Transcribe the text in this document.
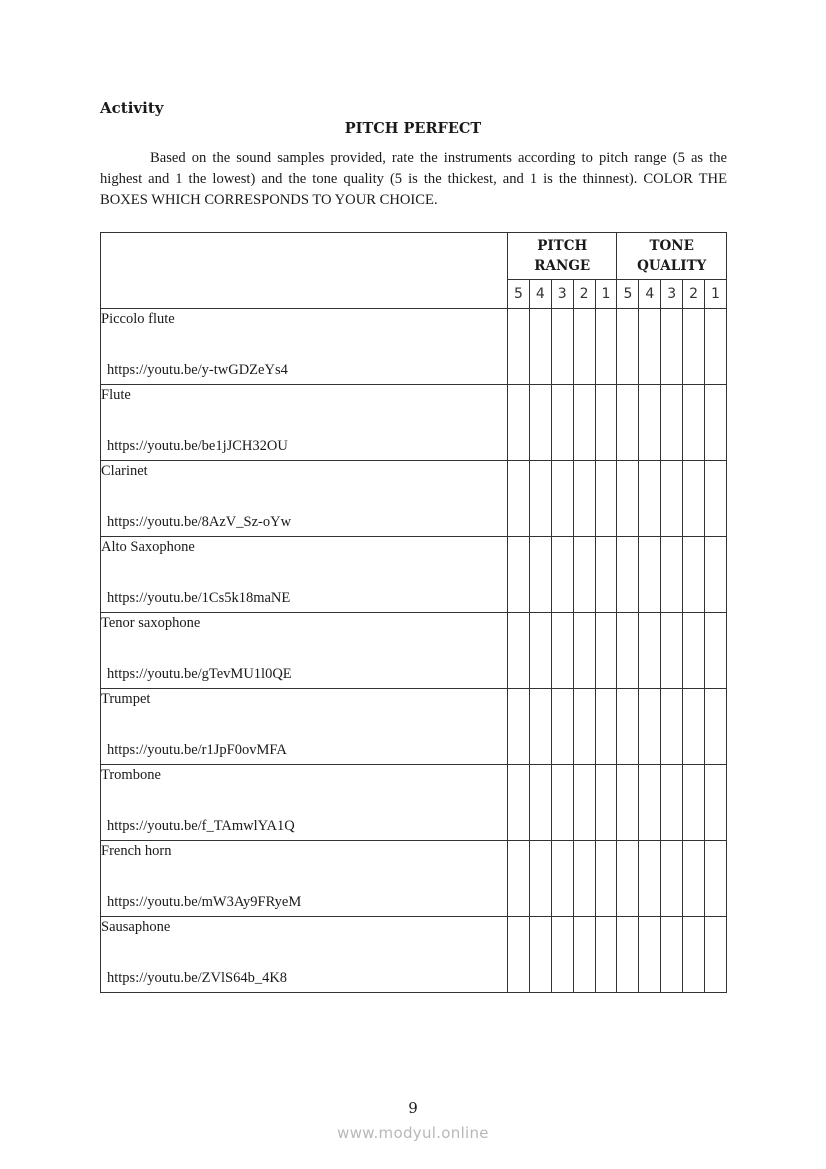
Activity
PITCH PERFECT
Based on the sound samples provided, rate the instruments according to pitch range (5 as the highest and 1 the lowest) and the tone quality (5 is the thickest, and 1 is the thinnest). COLOR THE BOXES WHICH CORRESPONDS TO YOUR CHOICE.
	PITCH RANGE					TONE QUALITY				
	5	4	3	2	1	5	4	3	2	1

Piccolo flute
https://youtu.be/y-twGDZeYs4										

Flute
https://youtu.be/be1jJCH32OU										

Clarinet
https://youtu.be/8AzV_Sz-oYw										

Alto Saxophone
https://youtu.be/1Cs5k18maNE										

Tenor saxophone
https://youtu.be/gTevMU1l0QE										

Trumpet
https://youtu.be/r1JpF0ovMFA										

Trombone
https://youtu.be/f_TAmwlYA1Q										

French horn
https://youtu.be/mW3Ay9FRyeM										

Sausaphone
https://youtu.be/ZVlS64b_4K8										

9
www.modyul.online
